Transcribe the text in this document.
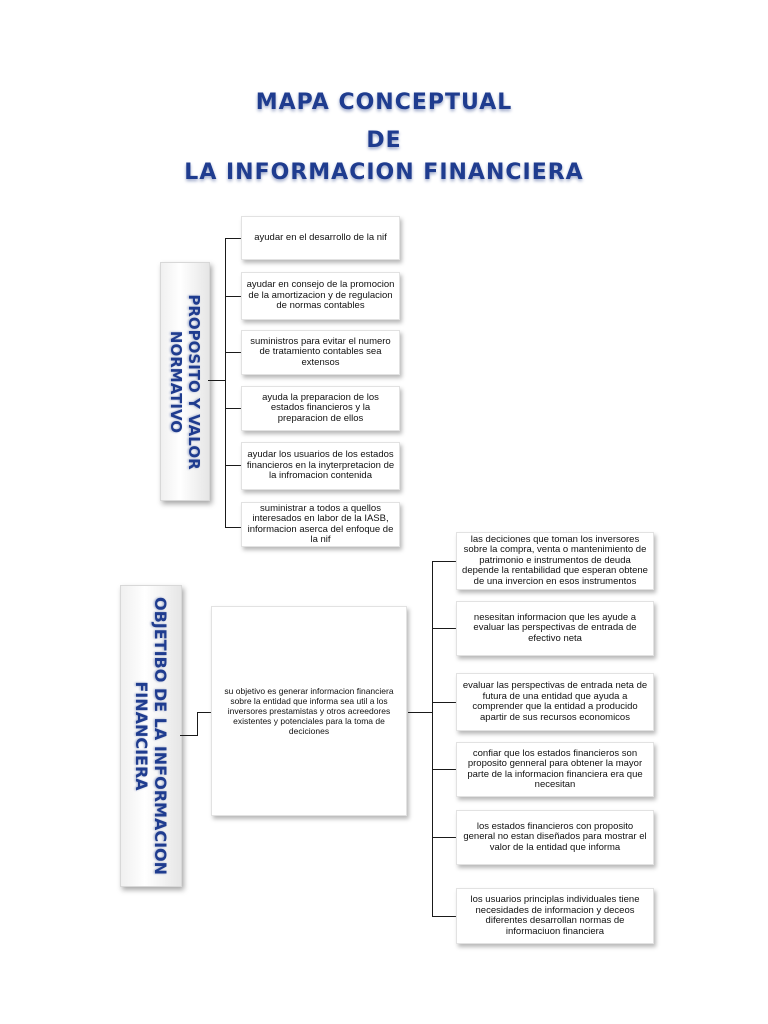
MAPA CONCEPTUAL
DE
LA INFORMACION FINANCIERA
PROPOSITO Y VALOR NORMATIVO
ayudar en el desarrollo de la nif
ayudar en consejo de la promocion de la amortizacion y de regulacion de normas contables
suministros para evitar el numero de tratamiento contables sea extensos
ayuda la preparacion de los estados financieros y la preparacion de ellos
ayudar los usuarios de los estados financieros en la inyterpretacion de la infromacion contenida
suministrar a todos a quellos interesados en labor de la IASB, informacion aserca del enfoque de la nif
OBJETIBO DE LA INFORMACION FINANCIERA	su objetivo es generar informacion financiera sobre la entidad que informa sea util a los inversores prestamistas y otros acreedores existentes y potenciales para la toma de deciciones
las deciciones que toman los inversores sobre la compra, venta o mantenimiento de patrimonio e instrumentos de deuda depende la rentabilidad que esperan obtene de una invercion en esos instrumentos
nesesitan informacion que les ayude a evaluar las perspectivas de entrada de efectivo neta
evaluar las perspectivas de entrada neta de futura de una entidad que ayuda a comprender que la entidad a producido apartir de sus recursos economicos
confiar que los estados financieros son proposito genneral para obtener la mayor parte de la informacion financiera era que necesitan
los estados financieros con proposito general no estan diseñados para mostrar el valor de la entidad que informa
los usuarios principlas individuales tiene necesidades de informacion y deceos diferentes desarrollan normas de informaciuon financiera
